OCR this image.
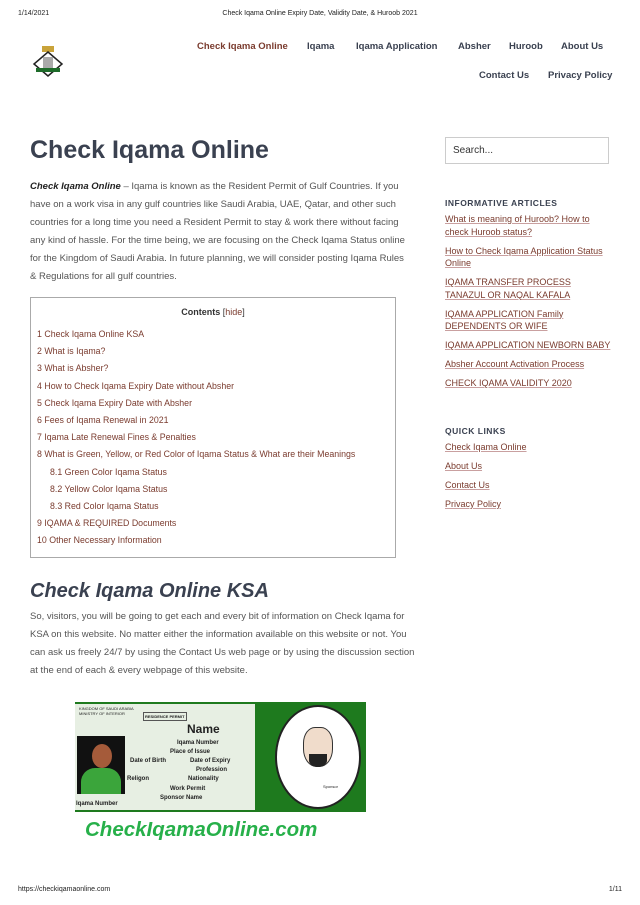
1/14/2021	Check Iqama Online Expiry Date, Validity Date, & Huroob 2021
Check Iqama Online Iqama Iqama Application Absher Huroob About Us
Contact Us Privacy Policy
Check Iqama Online

Check Iqama Online – Iqama is known as the Resident Permit of Gulf Countries. If you have on a work visa in any gulf countries like Saudi Arabia, UAE, Qatar, and other such countries for a long time you need a Resident Permit to stay & work there without facing any kind of hassle. For the time being, we are focusing on the Check Iqama Status online for the Kingdom of Saudi Arabia. In future planning, we will consider posting Iqama Rules & Regulations for all gulf countries.

Contents [hide]
1 Check Iqama Online KSA
2 What is Iqama?
3 What is Absher?
4 How to Check Iqama Expiry Date without Absher
5 Check Iqama Expiry Date with Absher
6 Fees of Iqama Renewal in 2021
7 Iqama Late Renewal Fines & Penalties
8 What is Green, Yellow, or Red Color of Iqama Status & What are their Meanings
8.1 Green Color Iqama Status
8.2 Yellow Color Iqama Status
8.3 Red Color Iqama Status
9 IQAMA & REQUIRED Documents
10 Other Necessary Information
Check Iqama Online KSA

So, visitors, you will be going to get each and every bit of information on Check Iqama for KSA on this website. No matter either the information available on this website or not. You can ask us freely 24/7 by using the Contact Us web page or by using the discussion section at the end of each & every webpage of this website.

KINGDOM OF SAUDI ARABIA MINISTRY OF INTERIOR
RESIDENCE PERMIT
Name
Iqama Number
Place of Issue
Date of Birth	Date of Expiry
Profession
Religon	Nationality
Work Permit
Sponsor Name
Iqama Number
Sponsor
CheckIqamaOnline.com
Search...
INFORMATIVE ARTICLES
What is meaning of Huroob? How to check Huroob status?
How to Check Iqama Application Status Online
IQAMA TRANSFER PROCESS TANAZUL OR NAQAL KAFALA
IQAMA APPLICATION Family DEPENDENTS OR WIFE
IQAMA APPLICATION NEWBORN BABY
Absher Account Activation Process
CHECK IQAMA VALIDITY 2020
QUICK LINKS
Check Iqama Online
About Us
Contact Us
Privacy Policy
https://checkiqamaonline.com	1/11
